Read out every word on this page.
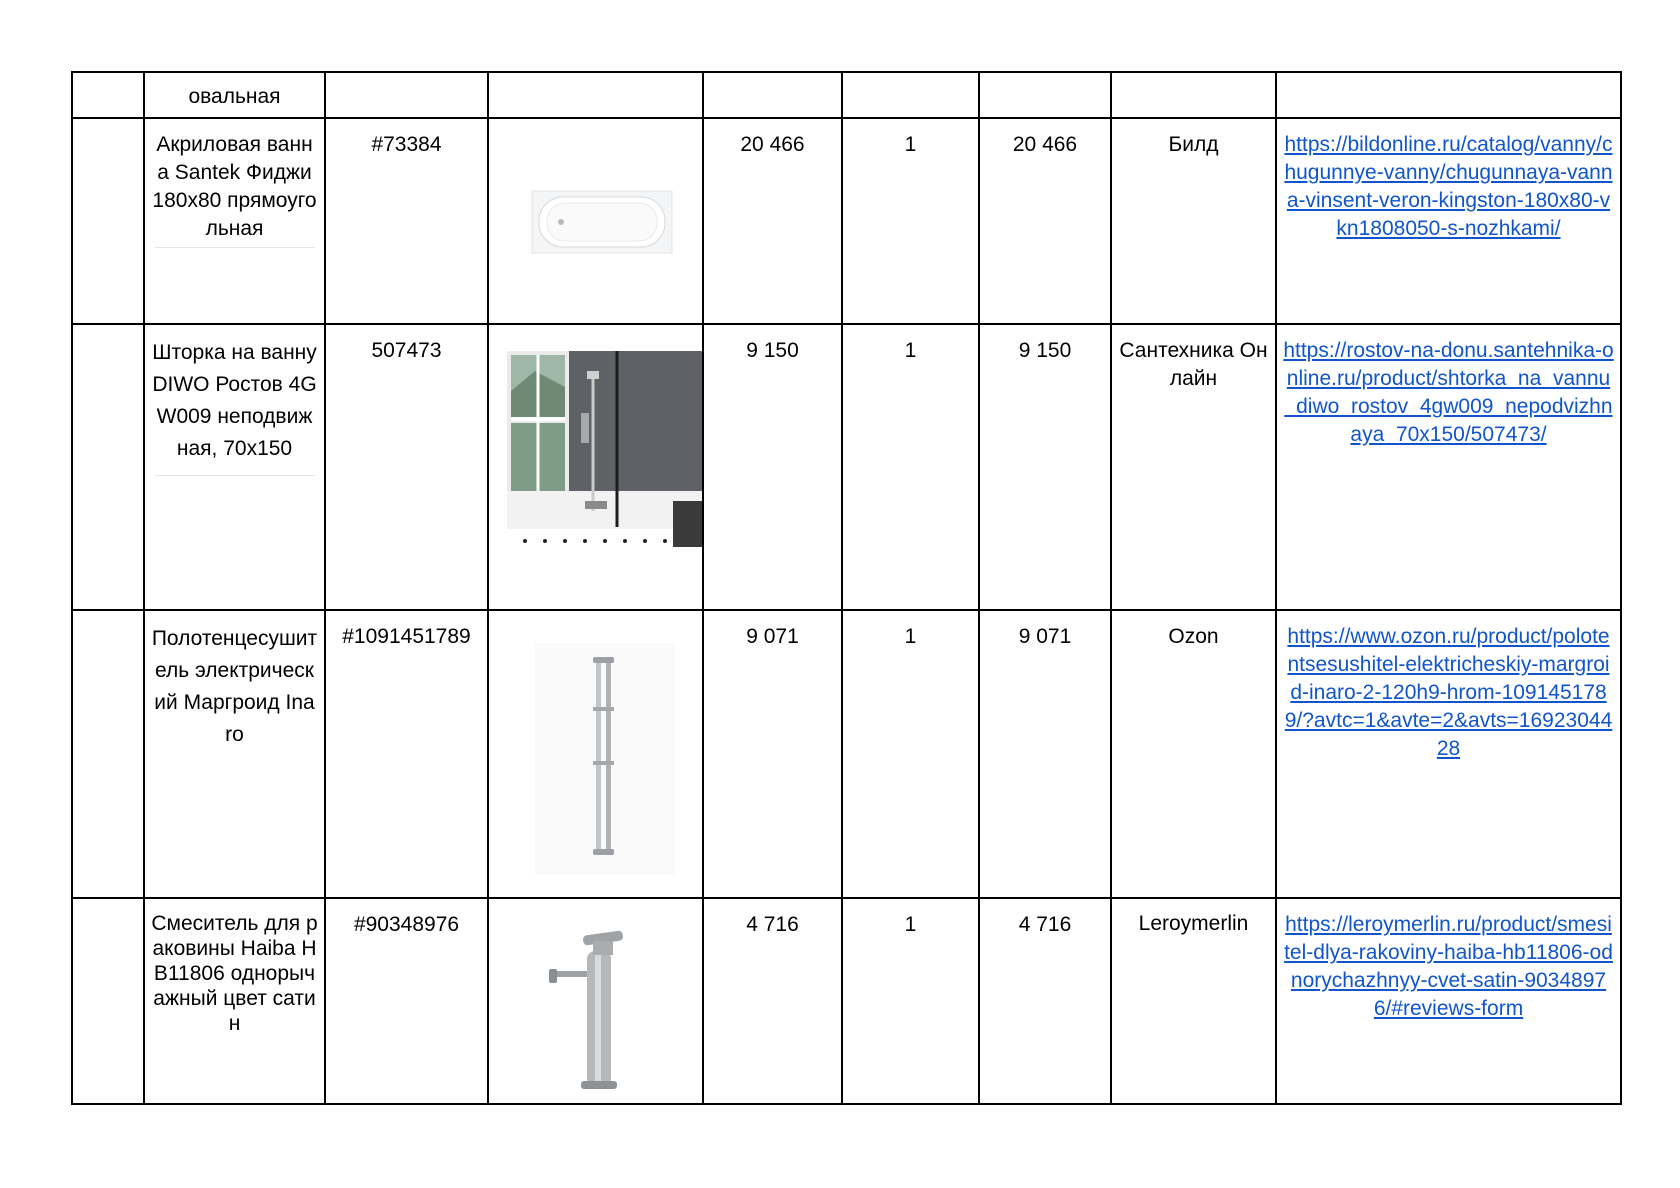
	овальная							

	Акриловая ванна Santek Фиджи 180х80 прямоугольная	#73384		20 466	1	20 466	Билд	https://bildonline.ru/catalog/vanny/chugunnye-vanny/chugunnaya-vanna-vinsent-veron-kingston-180x80-vkn1808050-s-nozhkami/

	Шторка на ванну DIWO Ростов 4GW009 неподвижная, 70х150	507473		9 150	1	9 150	Сантехника Онлайн	https://rostov-na-donu.santehnika-online.ru/product/shtorka_na_vannu_diwo_rostov_4gw009_nepodvizhnaya_70x150/507473/
	Полотенцесушитель электрический Маргроид Inaro	#1091451789		9 071	1	9 071	Ozon	https://www.ozon.ru/product/polotentsesushitel-elektricheskiy-margroid-inaro-2-120h9-hrom-1091451789/?avtc=1&avte=2&avts=1692304428
	Смеситель для раковины Haiba HB11806 однорычажный цвет сатин	#90348976		4 716	1	4 716	Leroymerlin	https://leroymerlin.ru/product/smesitel-dlya-rakoviny-haiba-hb11806-odnorychazhnyy-cvet-satin-90348976/#reviews-form
